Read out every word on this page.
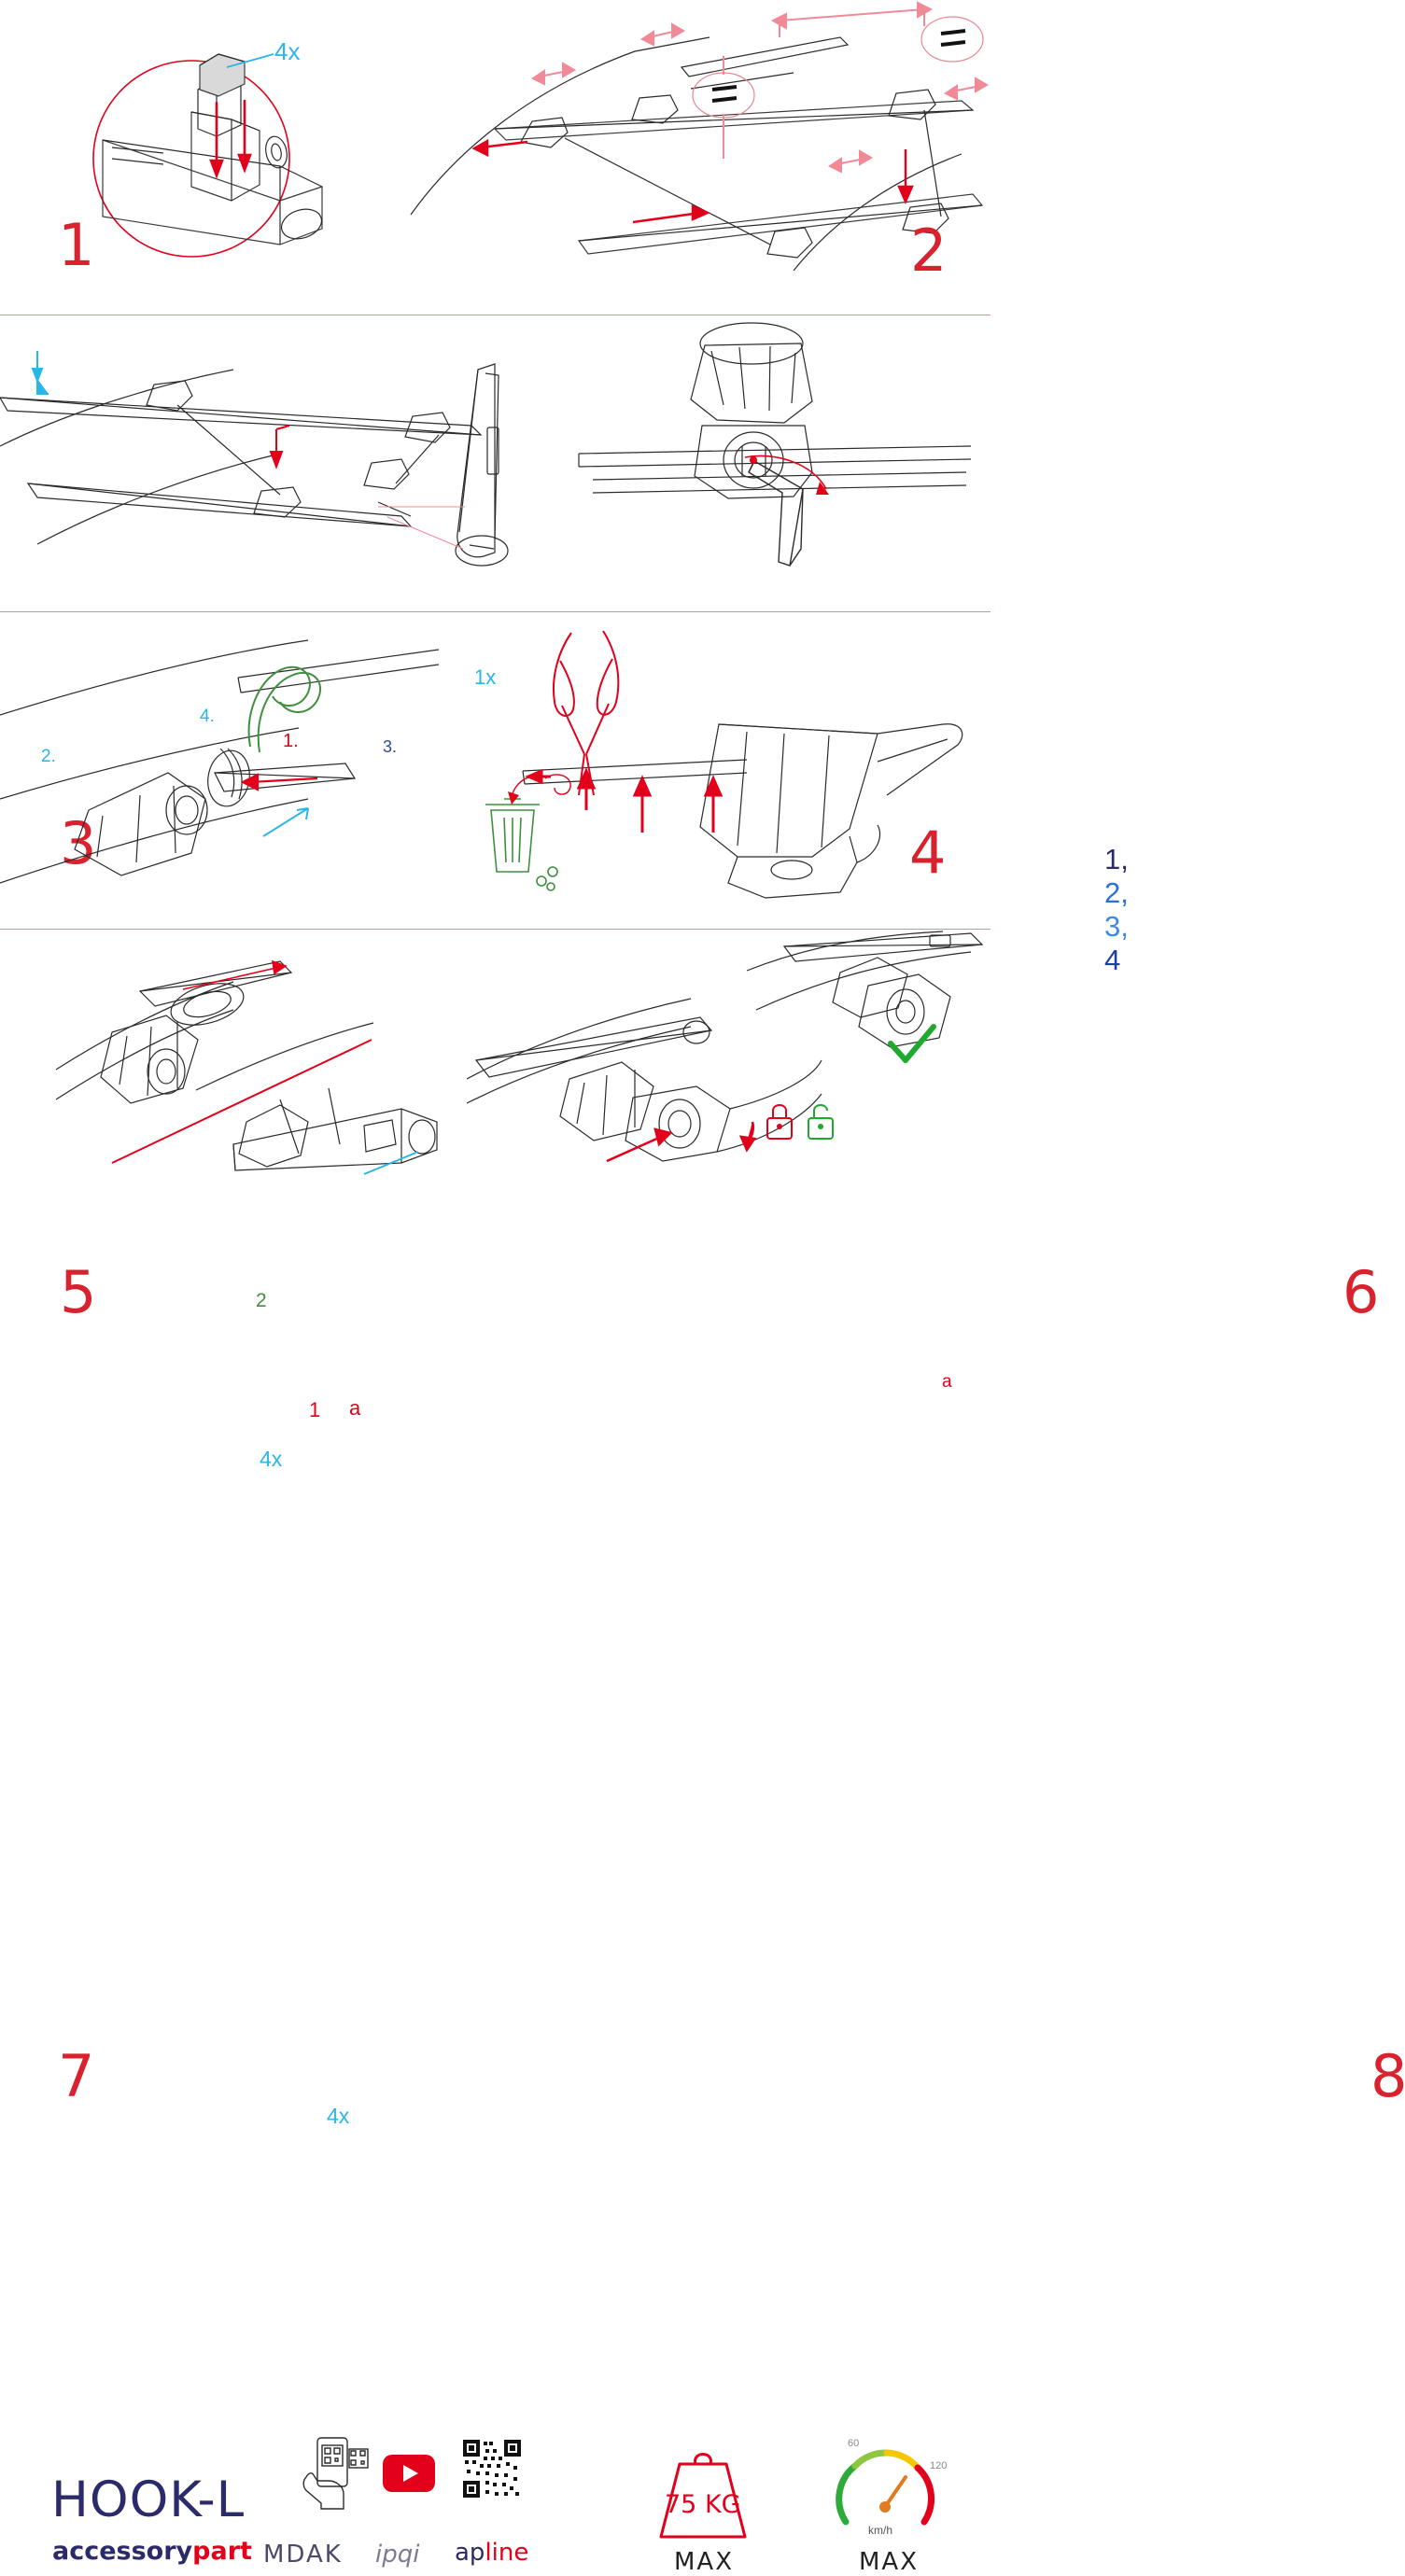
4x
1	2
1.
2.	3.
4.
1x
3	1, 2, 3, 4
4
1
2
a
4x
5
a
6
4x
7	8
HOOK-L
accessorypart MDAK ipqi apline
75 KG
MAX
60
120
km/h
MAX
